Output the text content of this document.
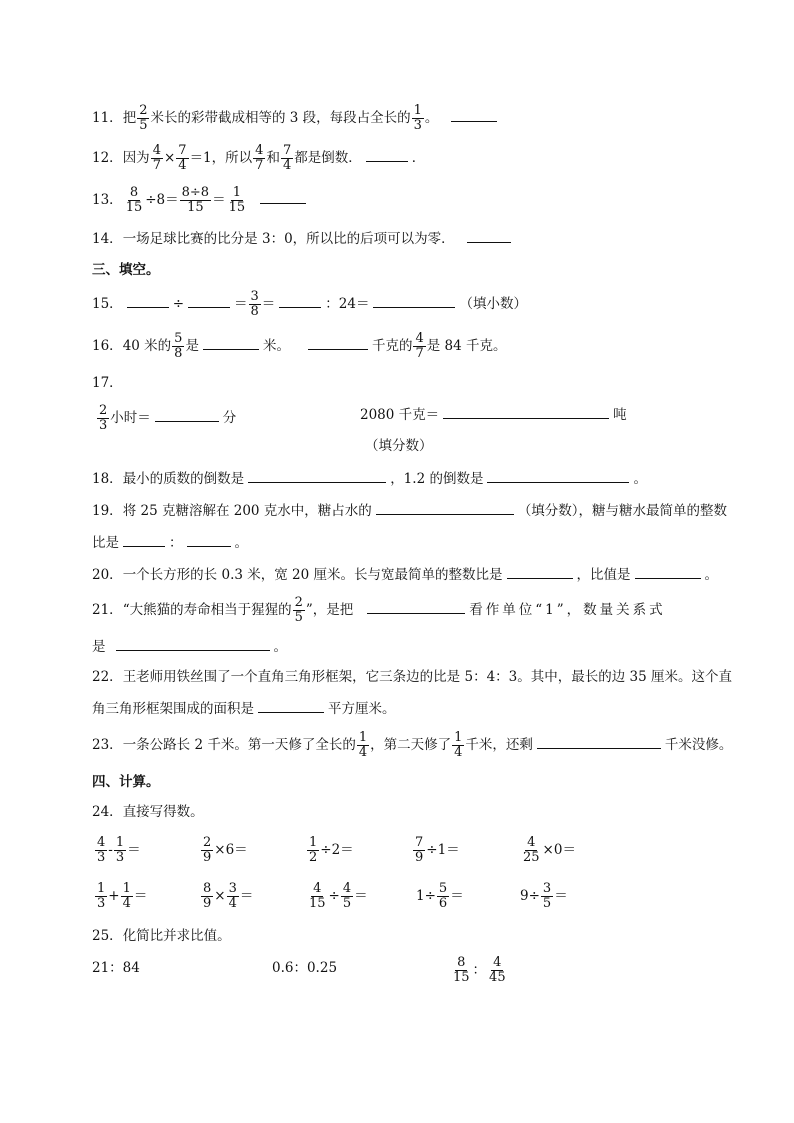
11．把 $\frac{2}{5}$ 米长的彩带截成相等的 3 段，每段占全长的 $\frac{1}{3}$ 。
12．因为 $\frac{4}{7} \times \frac{7}{4} =1$，所以 $\frac{4}{7}$ 和 $\frac{7}{4}$ 都是倒数．	．
13． $\frac{8}{15} \div 8= \frac{8\div 8}{15} = \frac{1}{15}$

14．一场足球比赛的比分是 3：0，所以比的后项可以为零．
三、填空。
15．	÷	＝ $\frac{3}{8}$ ＝	：24＝	（填小数）
16．40 米的 $\frac{5}{8}$ 是	米。	千克的 $\frac{4}{7}$ 是 84 千克。
17．
$\frac{2}{3}$ 小时＝	分	2080 千克＝	吨
（填分数）
18．最小的质数的倒数是	，1.2 的倒数是	。
19．将 25 克糖溶解在 200 克水中，糖占水的	（填分数），糖与糖水最简单的整数
比是	：	。
20．一个长方形的长 0.3 米，宽 20 厘米。长与宽最简单的整数比是	，比值是	。
21．“大熊猫的寿命相当于猩猩的 $\frac{2}{5}$ ”，是把	看作单位“1”，数量关系式
是	。
22．王老师用铁丝围了一个直角三角形框架，它三条边的比是 5：4：3。其中，最长的边 35 厘米。这个直
角三角形框架围成的面积是	平方厘米。
23．一条公路长 2 千米。第一天修了全长的 $\frac{1}{4}$ ，第二天修了 $\frac{1}{4}$ 千米，还剩	千米没修。
四、计算。
24．直接写得数。
$\frac{4}{3} - \frac{1}{3}$ ＝	$\frac{2}{9} \times 6=$	$\frac{1}{2} \div 2=$	$\frac{7}{9} \div 1=$	$\frac{4}{25} \times 0=$
$\frac{1}{3} + \frac{1}{4}$ ＝	$\frac{8}{9} \times \frac{3}{4}$ ＝	$\frac{4}{15} \div \frac{4}{5}$ ＝	$1\div \frac{5}{6}$ ＝	$9\div \frac{3}{5}$ ＝
25．化简比并求比值。
21：84	0.6：0.25	$\frac{8}{15}$ ： $\frac{4}{45}$
